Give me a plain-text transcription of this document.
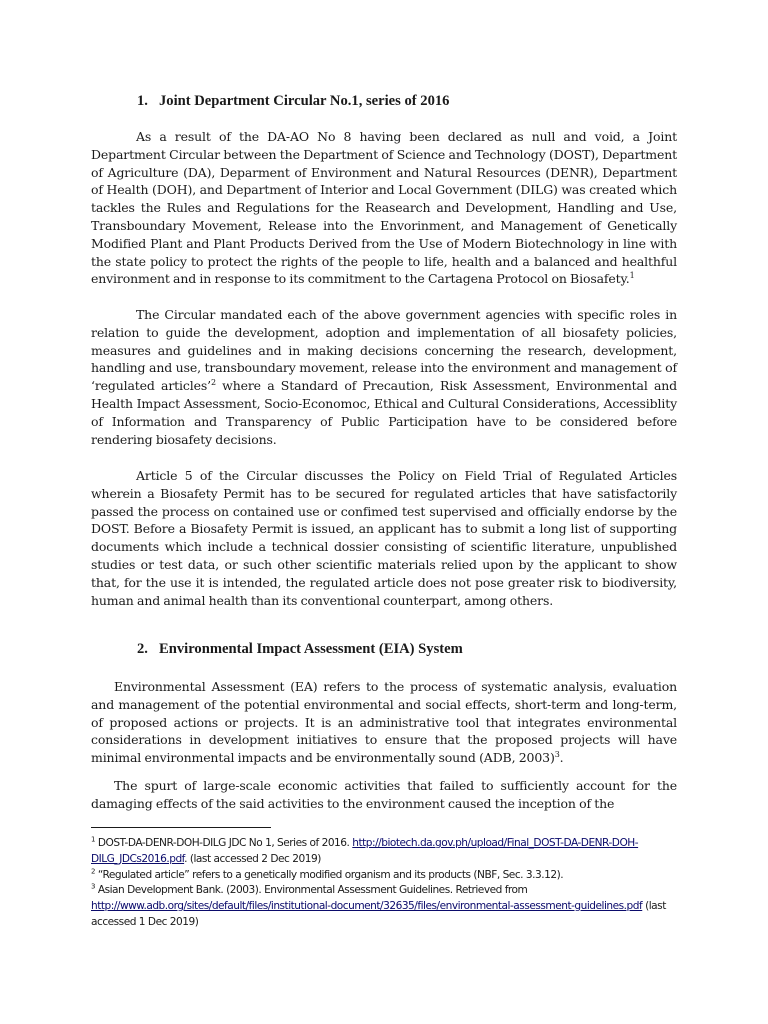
1. Joint Department Circular No.1, series of 2016

As a result of the DA-AO No 8 having been declared as null and void, a Joint Department Circular between the Department of Science and Technology (DOST), Department of Agriculture (DA), Deparment of Environment and Natural Resources (DENR), Department of Health (DOH), and Department of Interior and Local Government (DILG) was created which tackles the Rules and Regulations for the Reasearch and Development, Handling and Use, Transboundary Movement, Release into the Envorinment, and Management of Genetically Modified Plant and Plant Products Derived from the Use of Modern Biotechnology in line with the state policy to protect the rights of the people to life, health and a balanced and healthful environment and in response to its commitment to the Cartagena Protocol on Biosafety.$^1$

The Circular mandated each of the above government agencies with specific roles in relation to guide the development, adoption and implementation of all biosafety policies, measures and guidelines and in making decisions concerning the research, development, handling and use, transboundary movement, release into the environment and management of ‘regulated articles’$^2$ where a Standard of Precaution, Risk Assessment, Environmental and Health Impact Assessment, Socio-Economoc, Ethical and Cultural Considerations, Accessiblity of Information and Transparency of Public Participation have to be considered before rendering biosafety decisions.

Article 5 of the Circular discusses the Policy on Field Trial of Regulated Articles wherein a Biosafety Permit has to be secured for regulated articles that have satisfactorily passed the process on contained use or confimed test supervised and officially endorse by the DOST. Before a Biosafety Permit is issued, an applicant has to submit a long list of supporting documents which include a technical dossier consisting of scientific literature, unpublished studies or test data, or such other scientific materials relied upon by the applicant to show that, for the use it is intended, the regulated article does not pose greater risk to biodiversity, human and animal health than its conventional counterpart, among others.

2. Environmental Impact Assessment (EIA) System

Environmental Assessment (EA) refers to the process of systematic analysis, evaluation and management of the potential environmental and social effects, short-term and long-term, of proposed actions or projects. It is an administrative tool that integrates environmental considerations in development initiatives to ensure that the proposed projects will have minimal environmental impacts and be environmentally sound (ADB, 2003)$^3$.

The spurt of large-scale economic activities that failed to sufficiently account for the damaging effects of the said activities to the environment caused the inception of the

$^1$ DOST-DA-DENR-DOH-DILG JDC No 1, Series of 2016. http://biotech.da.gov.ph/upload/Final_DOST-DA-DENR-DOH-DILG_JDCs2016.pdf. (last accessed 2 Dec 2019)

$^2$ “Regulated article” refers to a genetically modified organism and its products (NBF, Sec. 3.3.12).

$^3$ Asian Development Bank. (2003). Environmental Assessment Guidelines. Retrieved from
http://www.adb.org/sites/default/files/institutional-document/32635/files/environmental-assessment-guidelines.pdf (last accessed 1 Dec 2019)
